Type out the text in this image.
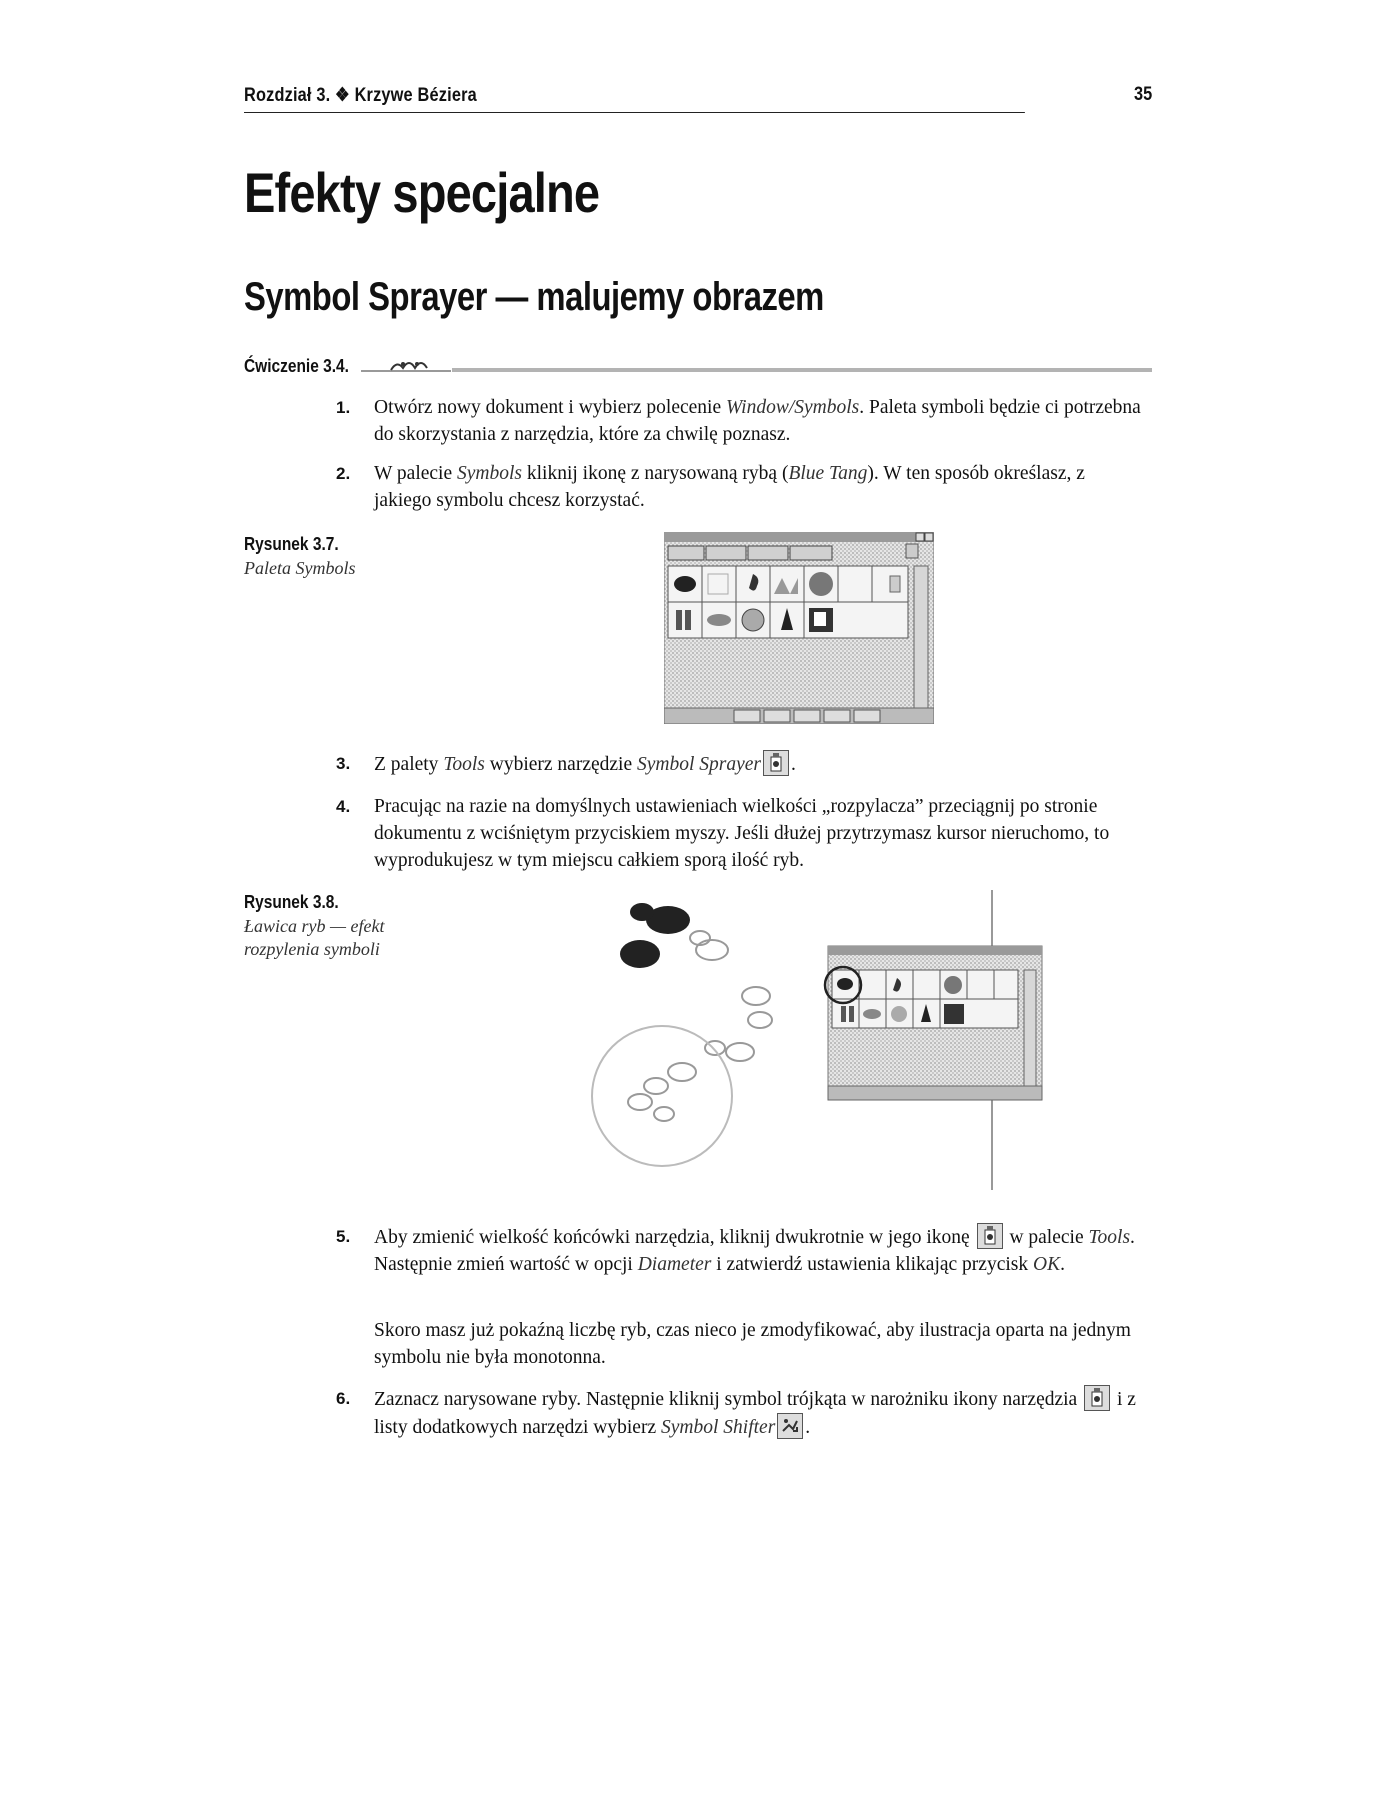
Rozdział 3. ❖ Krzywe Béziera	35
Efekty specjalne
Symbol Sprayer — malujemy obrazem
Ćwiczenie 3.4.
1.	Otwórz nowy dokument i wybierz polecenie Window/Symbols. Paleta symboli będzie ci potrzebna do skorzystania z narzędzia, które za chwilę poznasz.

2.	W palecie Symbols kliknij ikonę z narysowaną rybą (Blue Tang). W ten sposób określasz, z jakiego symbolu chcesz korzystać.

Rysunek 3.7.
Paleta Symbols
3.	Z palety Tools wybierz narzędzie Symbol Sprayer .

4.	Pracując na razie na domyślnych ustawieniach wielkości „rozpylacza” przeciągnij po stronie dokumentu z wciśniętym przyciskiem myszy. Jeśli dłużej przytrzymasz kursor nieruchomo, to wyprodukujesz w tym miejscu całkiem sporą ilość ryb.

Rysunek 3.8.
Ławica ryb — efekt rozpylenia symboli
5.	Aby zmienić wielkość końcówki narzędzia, kliknij dwukrotnie w jego ikonę
w palecie Tools. Następnie zmień wartość w opcji Diameter i zatwierdź ustawienia klikając przycisk OK.

Skoro masz już pokaźną liczbę ryb, czas nieco je zmodyfikować, aby ilustracja oparta na jednym symbolu nie była monotonna.

6.	Zaznacz narysowane ryby. Następnie kliknij symbol trójkąta w narożniku ikony narzędzia
i z listy dodatkowych narzędzi wybierz Symbol Shifter .
